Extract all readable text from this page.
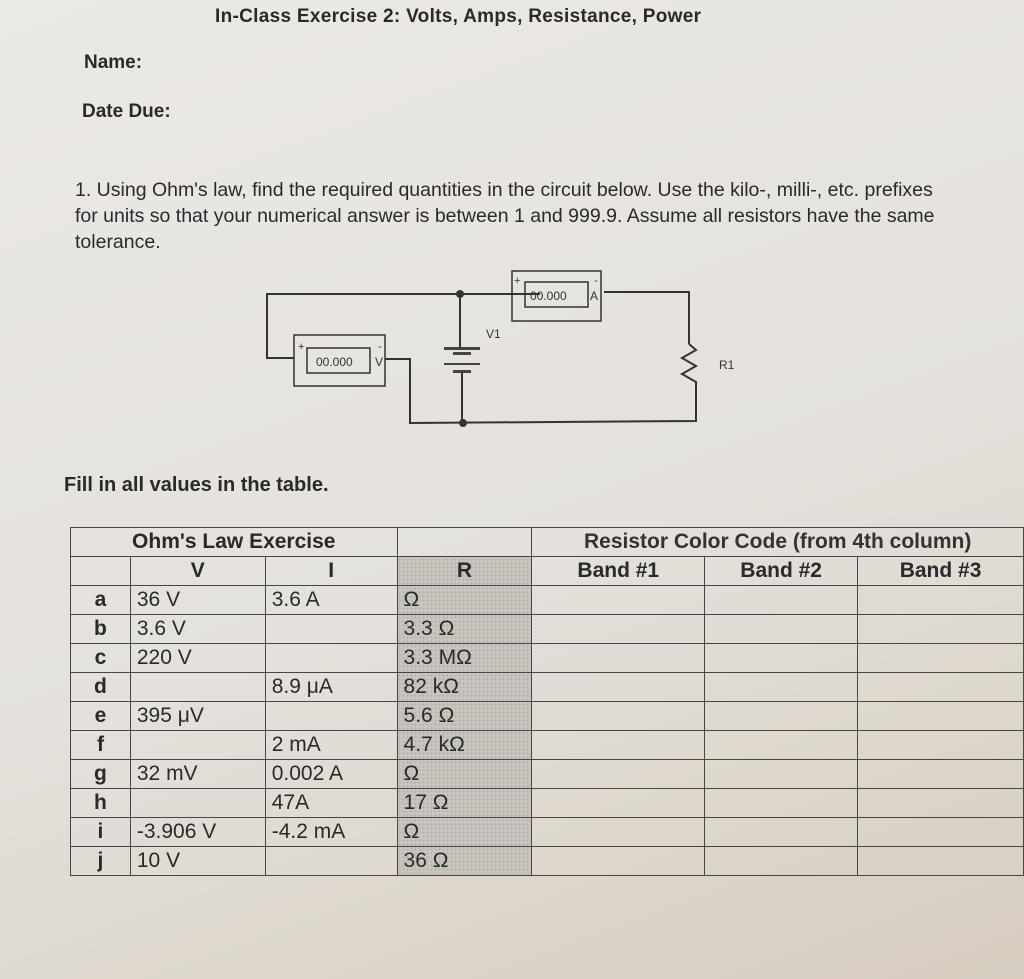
In-Class Exercise 2: Volts, Amps, Resistance, Power
Name:
Date Due:
1. Using Ohm's law, find the required quantities in the circuit below. Use the kilo-, milli-, etc. prefixes for units so that your numerical answer is between 1 and 999.9. Assume all resistors have the same tolerance.
00.000 A
+	-
00.000 V
+	-
V1
R1
Fill in all values in the table.
Ohm's Law Exercise				Resistor Color Code (from 4th column)		
	V	I	R	Band #1	Band #2	Band #3
a	36 V	3.6 A	Ω			
b	3.6 V		3.3 Ω			
c	220 V		3.3 MΩ			
d		8.9 μA	82 kΩ			
e	395 μV		5.6 Ω			
f		2 mA	4.7 kΩ			
g	32 mV	0.002 A	Ω			
h		47A	17 Ω			
i	-3.906 V	-4.2 mA	Ω			
j	10 V		36 Ω			
